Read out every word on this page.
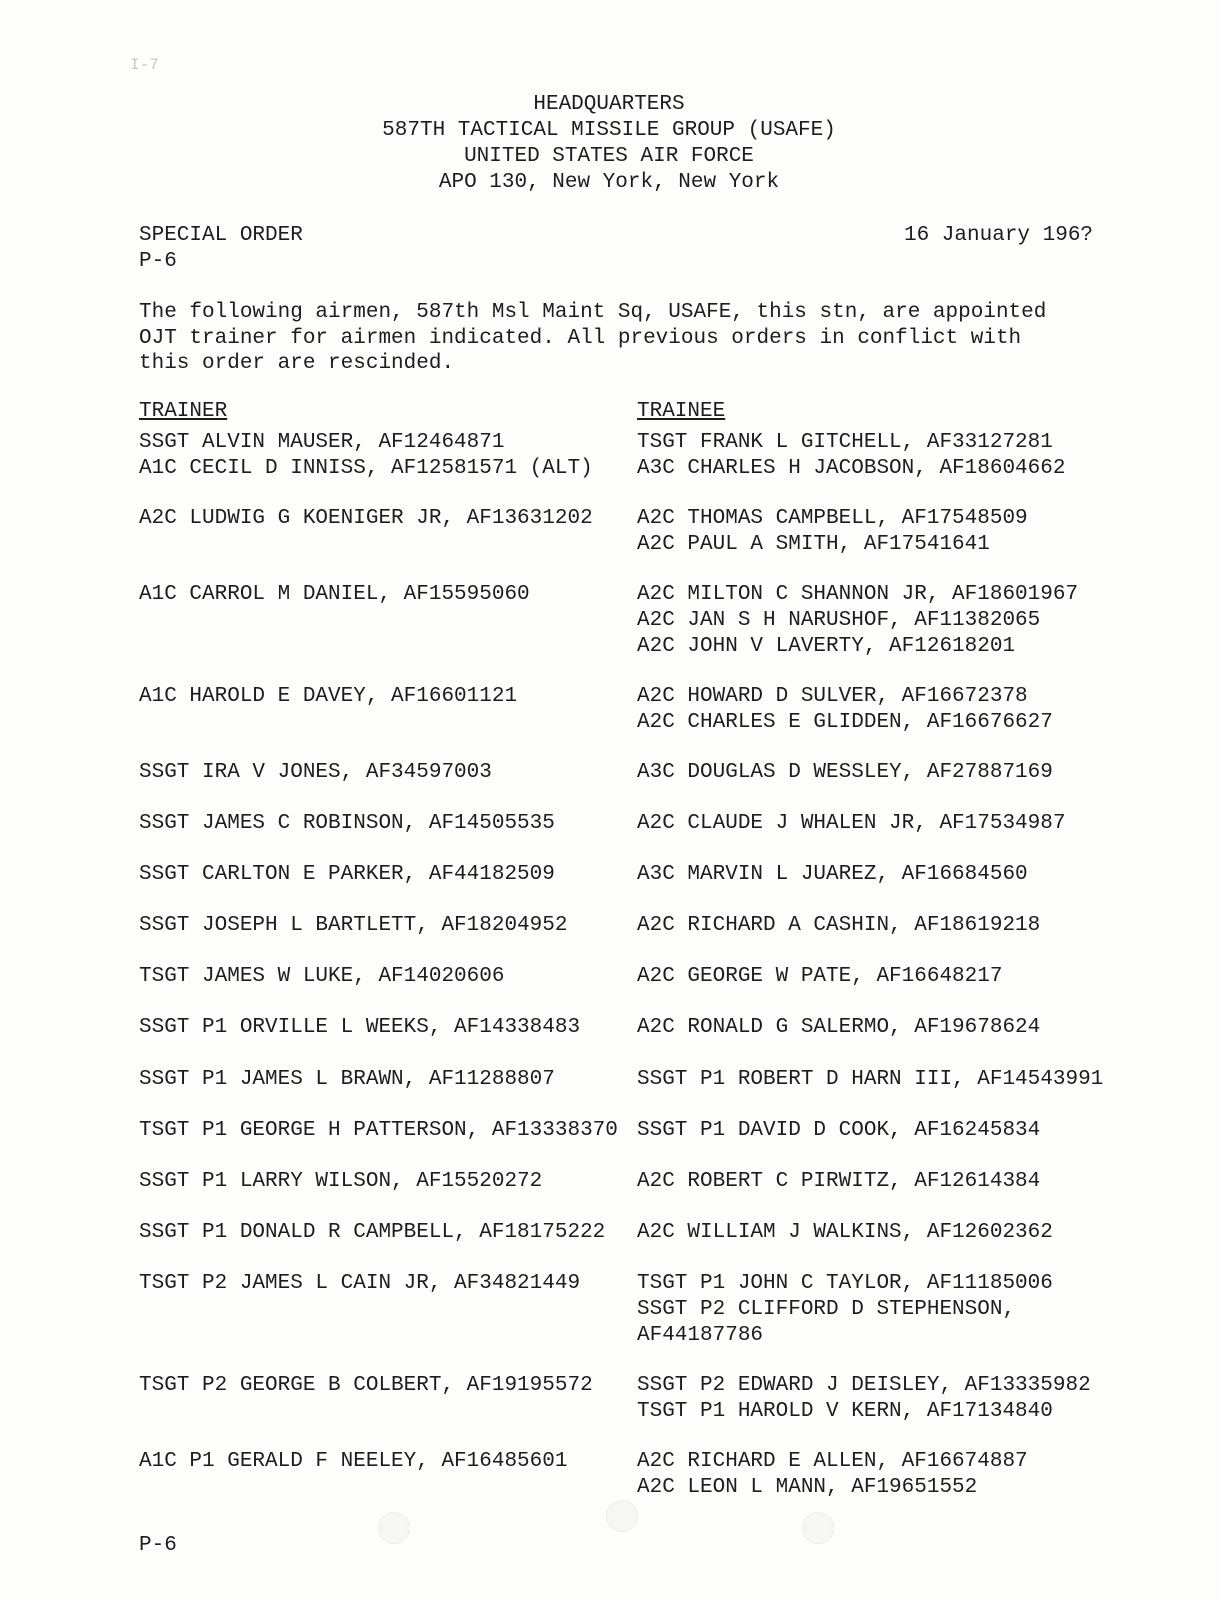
I-7
HEADQUARTERS
587TH TACTICAL MISSILE GROUP (USAFE)
UNITED STATES AIR FORCE
APO 130, New York, New York
SPECIAL ORDER
P-6
16 January 196?
The following airmen, 587th Msl Maint Sq, USAFE, this stn, are appointed
OJT trainer for airmen indicated. All previous orders in conflict with
this order are rescinded.
TRAINER	TRAINEE
SSGT ALVIN MAUSER, AF12464871
A1C CECIL D INNISS, AF12581571 (ALT)
A2C LUDWIG G KOENIGER JR, AF13631202
A1C CARROL M DANIEL, AF15595060
A1C HAROLD E DAVEY, AF16601121
SSGT IRA V JONES, AF34597003
SSGT JAMES C ROBINSON, AF14505535
SSGT CARLTON E PARKER, AF44182509
SSGT JOSEPH L BARTLETT, AF18204952
TSGT JAMES W LUKE, AF14020606
SSGT P1 ORVILLE L WEEKS, AF14338483
SSGT P1 JAMES L BRAWN, AF11288807
TSGT P1 GEORGE H PATTERSON, AF13338370
SSGT P1 LARRY WILSON, AF15520272
SSGT P1 DONALD R CAMPBELL, AF18175222
TSGT P2 JAMES L CAIN JR, AF34821449
TSGT P2 GEORGE B COLBERT, AF19195572
A1C P1 GERALD F NEELEY, AF16485601
TSGT FRANK L GITCHELL, AF33127281
A3C CHARLES H JACOBSON, AF18604662
A2C THOMAS CAMPBELL, AF17548509
A2C PAUL A SMITH, AF17541641
A2C MILTON C SHANNON JR, AF18601967
A2C JAN S H NARUSHOF, AF11382065
A2C JOHN V LAVERTY, AF12618201
A2C HOWARD D SULVER, AF16672378
A2C CHARLES E GLIDDEN, AF16676627
A3C DOUGLAS D WESSLEY, AF27887169
A2C CLAUDE J WHALEN JR, AF17534987
A3C MARVIN L JUAREZ, AF16684560
A2C RICHARD A CASHIN, AF18619218
A2C GEORGE W PATE, AF16648217
A2C RONALD G SALERMO, AF19678624
SSGT P1 ROBERT D HARN III, AF14543991
SSGT P1 DAVID D COOK, AF16245834
A2C ROBERT C PIRWITZ, AF12614384
A2C WILLIAM J WALKINS, AF12602362
TSGT P1 JOHN C TAYLOR, AF11185006
SSGT P2 CLIFFORD D STEPHENSON,
AF44187786
SSGT P2 EDWARD J DEISLEY, AF13335982
TSGT P1 HAROLD V KERN, AF17134840
A2C RICHARD E ALLEN, AF16674887
A2C LEON L MANN, AF19651552
P-6
